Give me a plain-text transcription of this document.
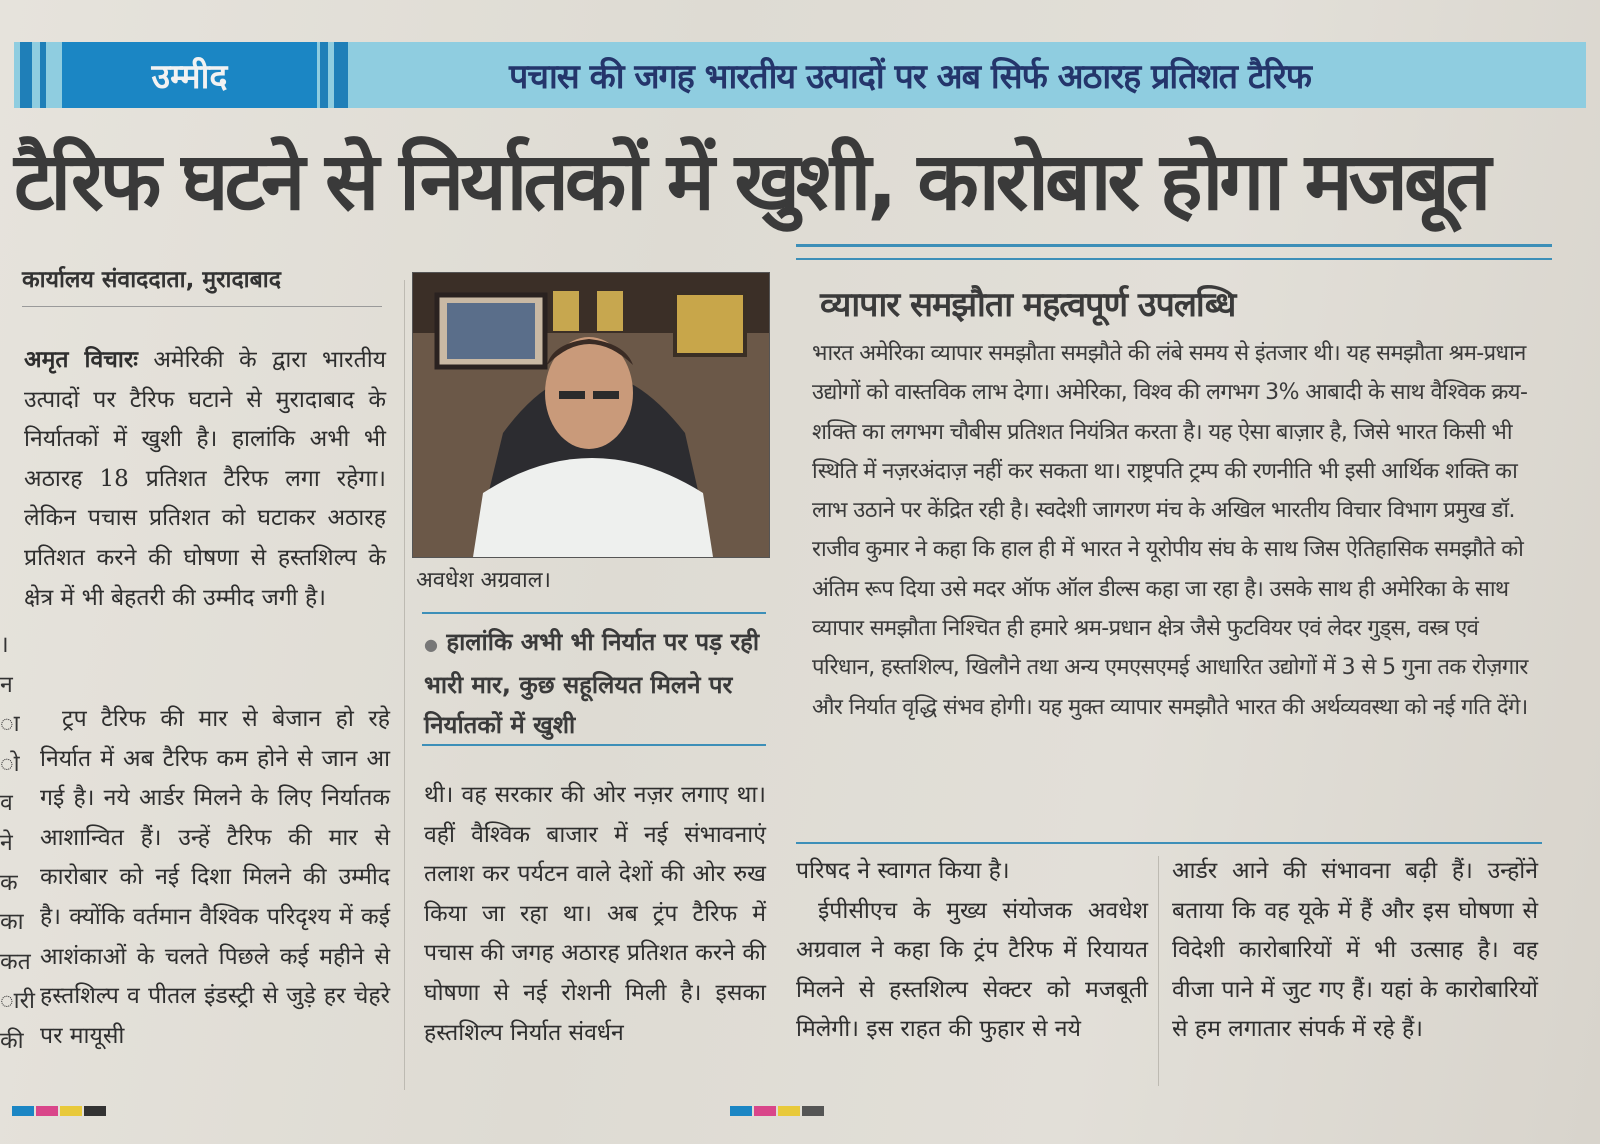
उम्मीद	पचास की जगह भारतीय उत्पादों पर अब सिर्फ अठारह प्रतिशत टैरिफ
टैरिफ घटने से निर्यातकों में खुशी, कारोबार होगा मजबूत
कार्यालय संवाददाता, मुरादाबाद
।
न
ा
ो
व
ने
क
का
कत
ारी
की

अमृत विचारः अमेरिकी के द्वारा भारतीय उत्पादों पर टैरिफ घटाने से मुरादाबाद के निर्यातकों में खुशी है। हालांकि अभी भी अठारह 18 प्रतिशत टैरिफ लगा रहेगा। लेकिन पचास प्रतिशत को घटाकर अठारह प्रतिशत करने की घोषणा से हस्तशिल्प के क्षेत्र में भी बेहतरी की उम्मीद जगी है।

ट्रप टैरिफ की मार से बेजान हो रहे निर्यात में अब टैरिफ कम होने से जान आ गई है। नये आर्डर मिलने के लिए निर्यातक आशान्वित हैं। उन्हें टैरिफ की मार से कारोबार को नई दिशा मिलने की उम्मीद है। क्योंकि वर्तमान वैश्विक परिदृश्य में कई आशंकाओं के चलते पिछले कई महीने से हस्तशिल्प व पीतल इंडस्ट्री से जुड़े हर चेहरे पर मायूसी

अवधेश अग्रवाल।
● हालांकि अभी भी निर्यात पर पड़ रही भारी मार, कुछ सहूलियत मिलने पर निर्यातकों में खुशी

थी। वह सरकार की ओर नज़र लगाए था। वहीं वैश्विक बाजार में नई संभावनाएं तलाश कर पर्यटन वाले देशों की ओर रुख किया जा रहा था। अब ट्रंप टैरिफ में पचास की जगह अठारह प्रतिशत करने की घोषणा से नई रोशनी मिली है। इसका हस्तशिल्प निर्यात संवर्धन

व्यापार समझौता महत्वपूर्ण उपलब्धि
भारत अमेरिका व्यापार समझौता समझौते की लंबे समय से इंतजार थी। यह समझौता श्रम-प्रधान उद्योगों को वास्तविक लाभ देगा। अमेरिका, विश्व की लगभग 3% आबादी के साथ वैश्विक क्रय-शक्ति का लगभग चौबीस प्रतिशत नियंत्रित करता है। यह ऐसा बाज़ार है, जिसे भारत किसी भी स्थिति में नज़रअंदाज़ नहीं कर सकता था। राष्ट्रपति ट्रम्प की रणनीति भी इसी आर्थिक शक्ति का लाभ उठाने पर केंद्रित रही है। स्वदेशी जागरण मंच के अखिल भारतीय विचार विभाग प्रमुख डॉ. राजीव कुमार ने कहा कि हाल ही में भारत ने यूरोपीय संघ के साथ जिस ऐतिहासिक समझौते को अंतिम रूप दिया उसे मदर ऑफ ऑल डील्स कहा जा रहा है। उसके साथ ही अमेरिका के साथ व्यापार समझौता निश्चित ही हमारे श्रम-प्रधान क्षेत्र जैसे फुटवियर एवं लेदर गुड्स, वस्त्र एवं परिधान, हस्तशिल्प, खिलौने तथा अन्य एमएसएमई आधारित उद्योगों में 3 से 5 गुना तक रोज़गार और निर्यात वृद्धि संभव होगी। यह मुक्त व्यापार समझौते भारत की अर्थव्यवस्था को नई गति देंगे।

परिषद ने स्वागत किया है।

ईपीसीएच के मुख्य संयोजक अवधेश अग्रवाल ने कहा कि ट्रंप टैरिफ में रियायत मिलने से हस्तशिल्प सेक्टर को मजबूती मिलेगी। इस राहत की फुहार से नये

आर्डर आने की संभावना बढ़ी हैं। उन्होंने बताया कि वह यूके में हैं और इस घोषणा से विदेशी कारोबारियों में भी उत्साह है। वह वीजा पाने में जुट गए हैं। यहां के कारोबारियों से हम लगातार संपर्क में रहे हैं।
